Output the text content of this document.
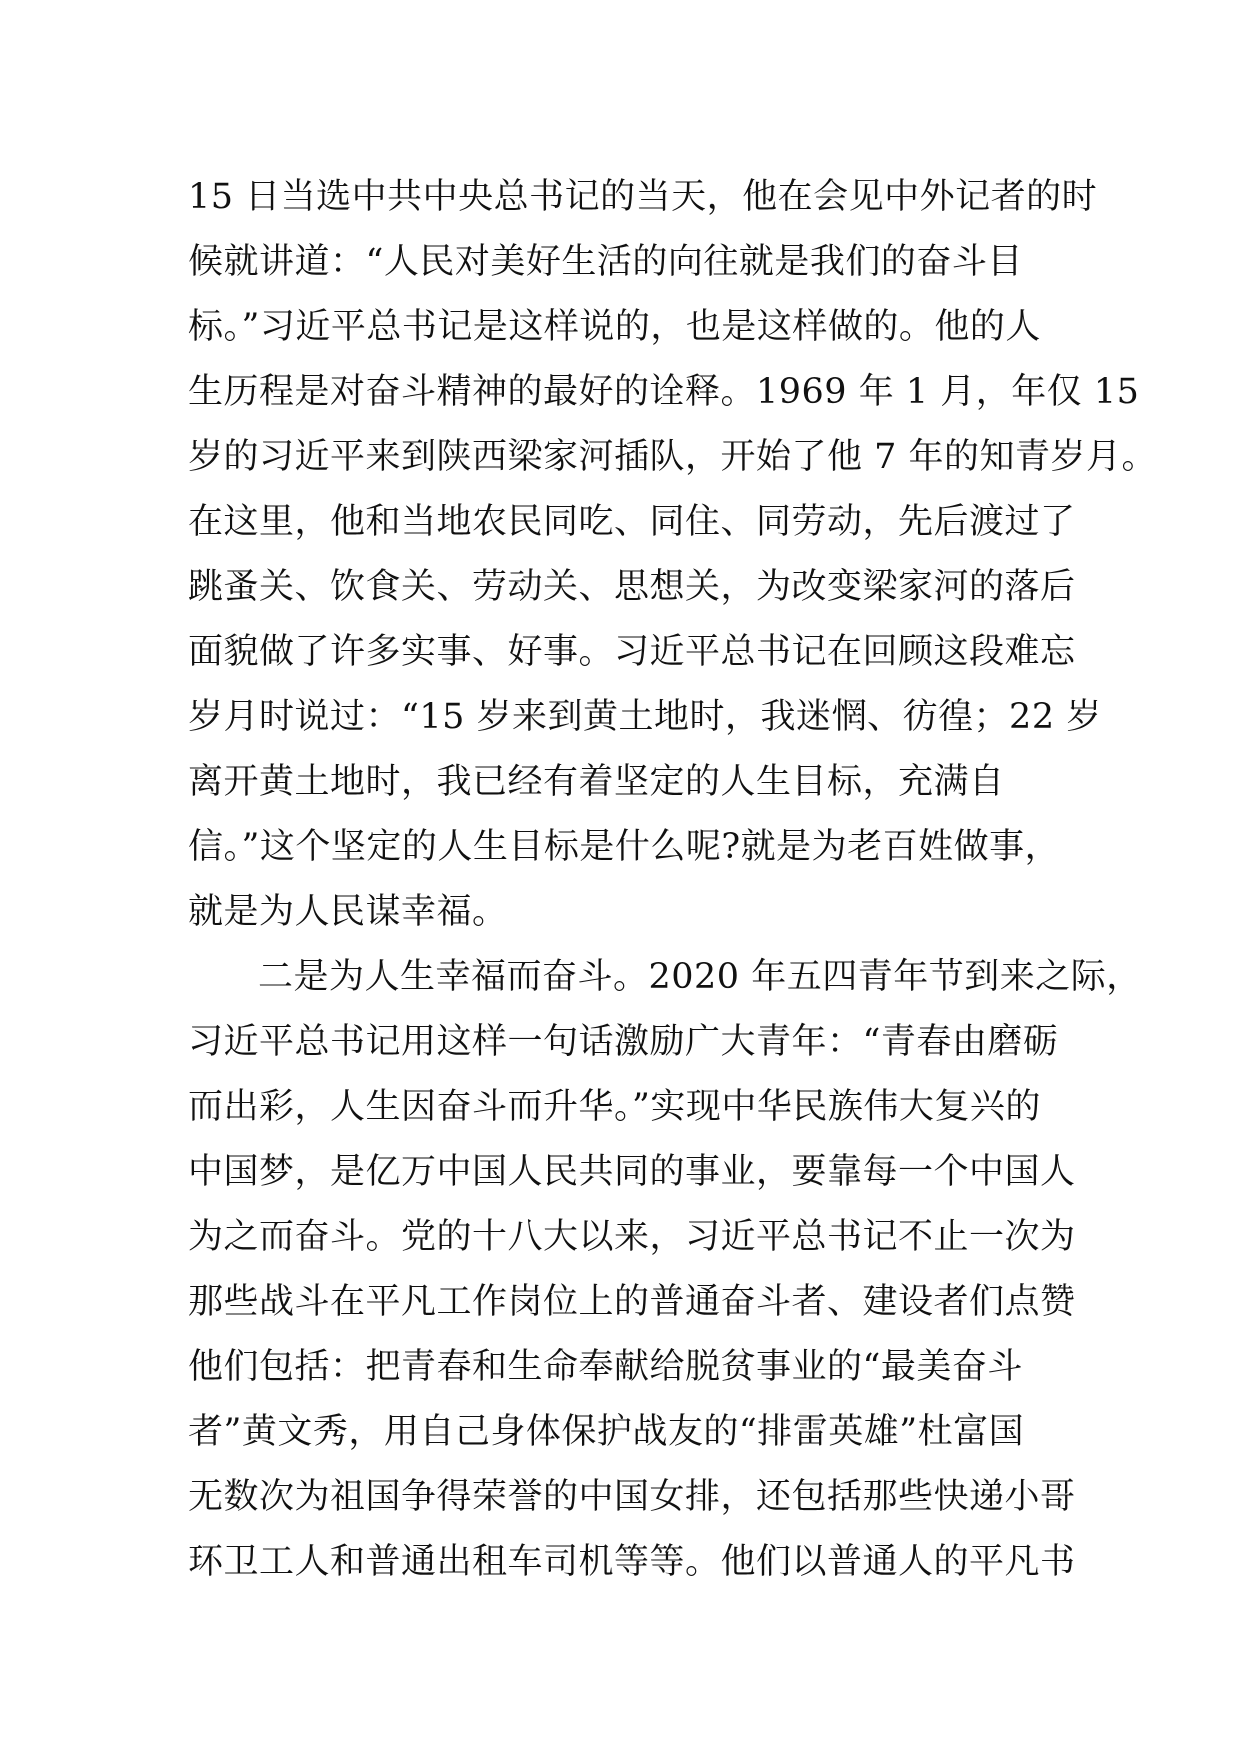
15 日当选中共中央总书记的当天，他在会见中外记者的时
候就讲道：“人民对美好生活的向往就是我们的奋斗目
标。”习近平总书记是这样说的，也是这样做的。他的人
生历程是对奋斗精神的最好的诠释。1969 年 1 月，年仅 15
岁的习近平来到陕西梁家河插队，开始了他 7 年的知青岁月。
在这里，他和当地农民同吃、同住、同劳动，先后渡过了
跳蚤关、饮食关、劳动关、思想关，为改变梁家河的落后
面貌做了许多实事、好事。习近平总书记在回顾这段难忘
岁月时说过：“15 岁来到黄土地时，我迷惘、彷徨；22 岁
离开黄土地时，我已经有着坚定的人生目标，充满自
信。”这个坚定的人生目标是什么呢?就是为老百姓做事，
就是为人民谋幸福。
二是为人生幸福而奋斗。2020 年五四青年节到来之际，
习近平总书记用这样一句话激励广大青年：“青春由磨砺
而出彩，人生因奋斗而升华。”实现中华民族伟大复兴的
中国梦，是亿万中国人民共同的事业，要靠每一个中国人
为之而奋斗。党的十八大以来，习近平总书记不止一次为
那些战斗在平凡工作岗位上的普通奋斗者、建设者们点赞
他们包括：把青春和生命奉献给脱贫事业的“最美奋斗
者”黄文秀，用自己身体保护战友的“排雷英雄”杜富国
无数次为祖国争得荣誉的中国女排，还包括那些快递小哥
环卫工人和普通出租车司机等等。他们以普通人的平凡书
